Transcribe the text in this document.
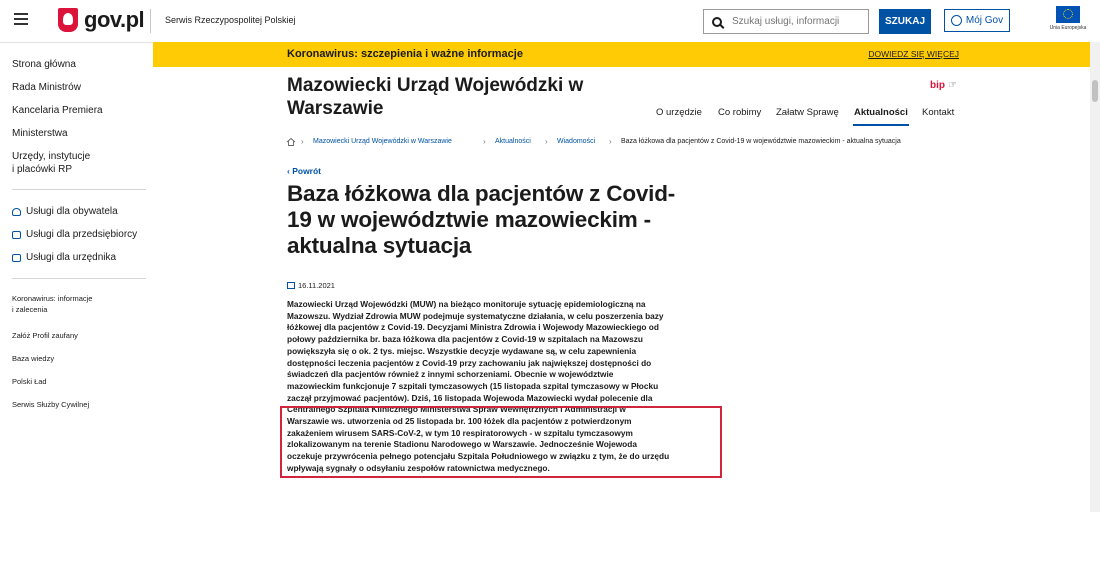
gov.pl Serwis Rzeczypospolitej Polskiej
Szukaj usługi, informacji	SZUKAJ	Mój Gov
Unia Europejska
Strona główna
Rada Ministrów
Kancelaria Premiera
Ministerstwa
Urzędy, instytucje
i placówki RP
Usługi dla obywatela
Usługi dla przedsiębiorcy
Usługi dla urzędnika
Koronawirus: informacje
i zalecenia
Załóż Profil zaufany
Baza wiedzy
Polski Ład
Serwis Służby Cywilnej
Koronawirus: szczepienia i ważne informacje	DOWIEDZ SIĘ WIĘCEJ
Mazowiecki Urząd Wojewódzki w
Warszawie
bip ☞
O urzędzie Co robimy Załatw Sprawę Aktualności Kontakt
› Mazowiecki Urząd Wojewódzki w Warszawie	› Aktualności › Wiadomości › Baza łóżkowa dla pacjentów z Covid-19 w województwie mazowieckim - aktualna sytuacja
‹ Powrót
Baza łóżkowa dla pacjentów z Covid-
19 w województwie mazowieckim -
aktualna sytuacja
16.11.2021
Mazowiecki Urząd Wojewódzki (MUW) na bieżąco monitoruje sytuację epidemiologiczną na
Mazowszu. Wydział Zdrowia MUW podejmuje systematyczne działania, w celu poszerzenia bazy
łóżkowej dla pacjentów z Covid-19. Decyzjami Ministra Zdrowia i Wojewody Mazowieckiego od
połowy października br. baza łóżkowa dla pacjentów z Covid-19 w szpitalach na Mazowszu
powiększyła się o ok. 2 tys. miejsc. Wszystkie decyzje wydawane są, w celu zapewnienia
dostępności leczenia pacjentów z Covid-19 przy zachowaniu jak największej dostępności do
świadczeń dla pacjentów również z innymi schorzeniami. Obecnie w województwie
mazowieckim funkcjonuje 7 szpitali tymczasowych (15 listopada szpital tymczasowy w Płocku
zaczął przyjmować pacjentów). Dziś, 16 listopada Wojewoda Mazowiecki wydał polecenie dla
Centralnego Szpitala Klinicznego Ministerstwa Spraw Wewnętrznych i Administracji w
Warszawie ws. utworzenia od 25 listopada br. 100 łóżek dla pacjentów z potwierdzonym
zakażeniem wirusem SARS-CoV-2, w tym 10 respiratorowych - w szpitalu tymczasowym
zlokalizowanym na terenie Stadionu Narodowego w Warszawie. Jednocześnie Wojewoda
oczekuje przywrócenia pełnego potencjału Szpitala Południowego w związku z tym, że do urzędu
wpływają sygnały o odsyłaniu zespołów ratownictwa medycznego.
